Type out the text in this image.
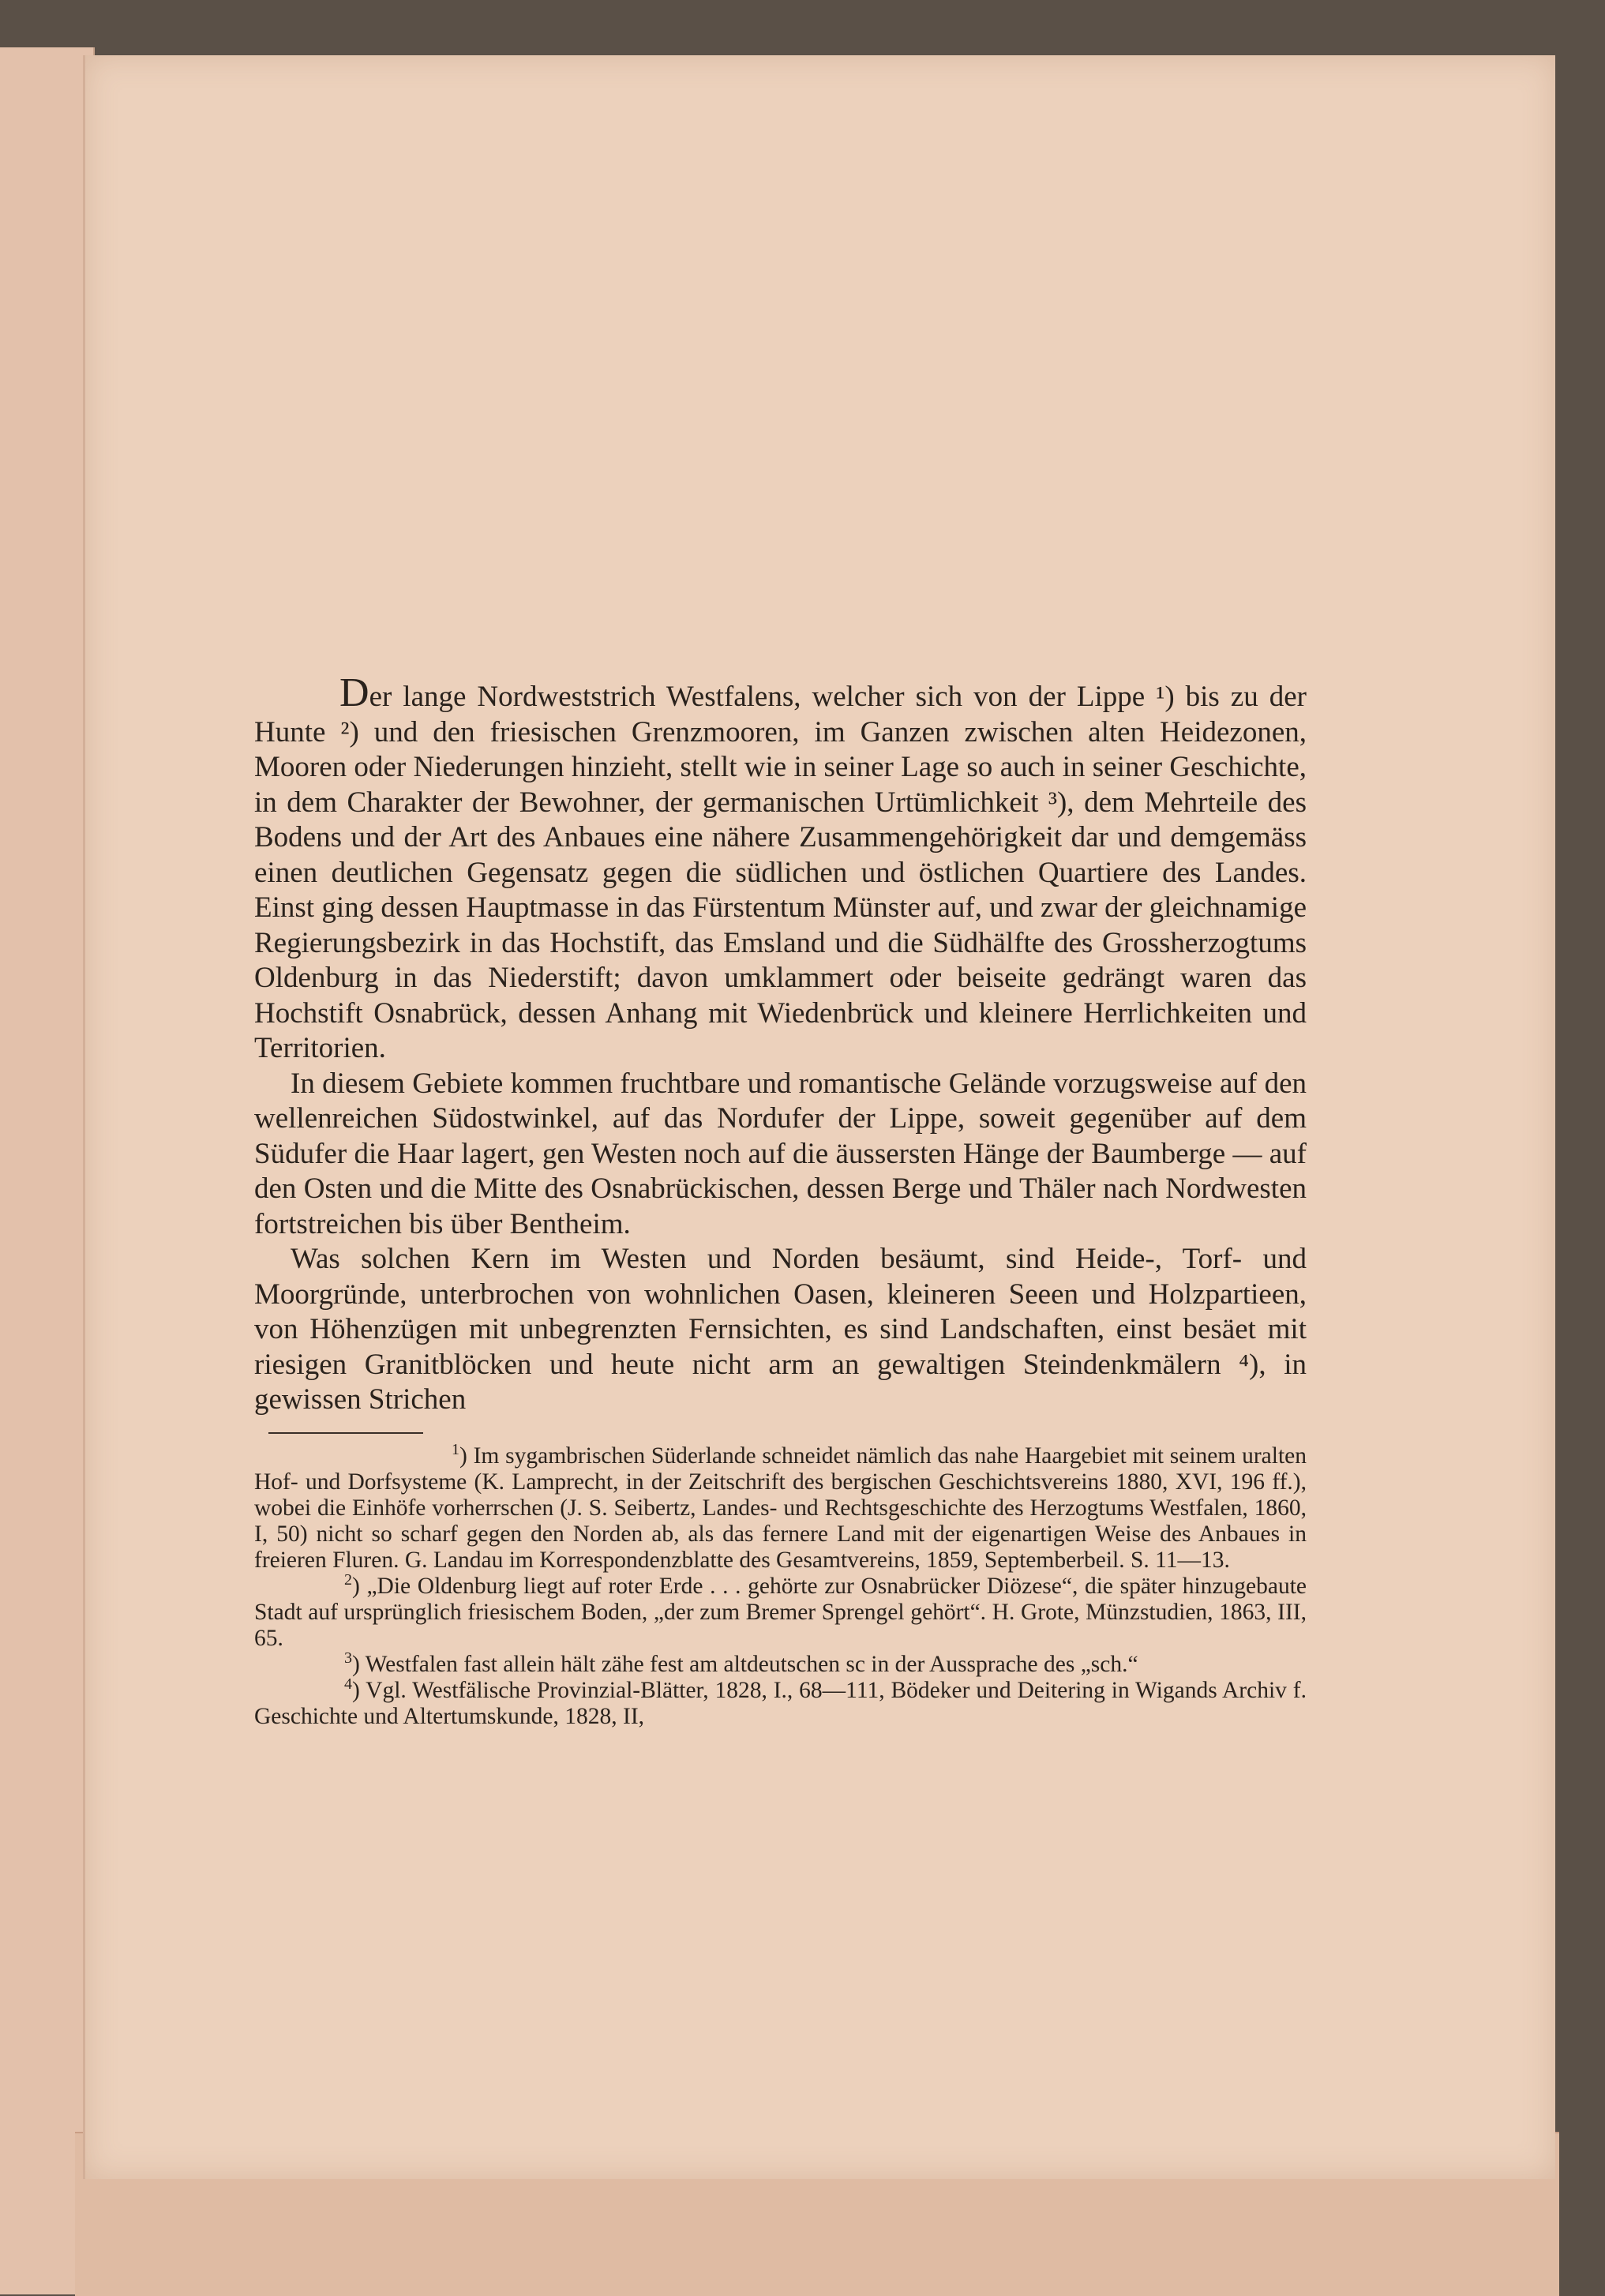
Der lange Nordweststrich Westfalens, welcher sich von der Lippe ¹) bis zu der Hunte ²) und den friesischen Grenzmooren, im Ganzen zwischen alten Heidezonen, Mooren oder Niederungen hinzieht, stellt wie in seiner Lage so auch in seiner Geschichte, in dem Charakter der Bewohner, der germanischen Urtümlichkeit ³), dem Mehrteile des Bodens und der Art des Anbaues eine nähere Zusammengehörigkeit dar und demgemäss einen deutlichen Gegensatz gegen die südlichen und östlichen Quartiere des Landes. Einst ging dessen Hauptmasse in das Fürstentum Münster auf, und zwar der gleichnamige Regierungsbezirk in das Hochstift, das Emsland und die Südhälfte des Grossherzogtums Oldenburg in das Niederstift; davon umklammert oder beiseite gedrängt waren das Hochstift Osnabrück, dessen Anhang mit Wiedenbrück und kleinere Herrlichkeiten und Territorien.

In diesem Gebiete kommen fruchtbare und romantische Gelände vorzugsweise auf den wellenreichen Südostwinkel, auf das Nordufer der Lippe, soweit gegenüber auf dem Südufer die Haar lagert, gen Westen noch auf die äussersten Hänge der Baumberge — auf den Osten und die Mitte des Osnabrückischen, dessen Berge und Thäler nach Nordwesten fortstreichen bis über Bentheim.

Was solchen Kern im Westen und Norden besäumt, sind Heide-, Torf- und Moorgründe, unterbrochen von wohnlichen Oasen, kleineren Seeen und Holzpartieen, von Höhenzügen mit unbegrenzten Fernsichten, es sind Landschaften, einst besäet mit riesigen Granitblöcken und heute nicht arm an gewaltigen Steindenkmälern ⁴), in gewissen Strichen

$^1$) Im sygambrischen Süderlande schneidet nämlich das nahe Haargebiet mit seinem uralten Hof- und Dorfsysteme (K. Lamprecht, in der Zeitschrift des bergischen Geschichtsvereins 1880, XVI, 196 ff.), wobei die Einhöfe vorherrschen (J. S. Seibertz, Landes- und Rechtsgeschichte des Herzogtums Westfalen, 1860, I, 50) nicht so scharf gegen den Norden ab, als das fernere Land mit der eigenartigen Weise des Anbaues in freieren Fluren. G. Landau im Korrespondenzblatte des Gesamtvereins, 1859, Septemberbeil. S. 11—13.

$^2$) „Die Oldenburg liegt auf roter Erde . . . gehörte zur Osnabrücker Diözese“, die später hinzugebaute Stadt auf ursprünglich friesischem Boden, „der zum Bremer Sprengel gehört“. H. Grote, Münzstudien, 1863, III, 65.

$^3$) Westfalen fast allein hält zähe fest am altdeutschen sc in der Aussprache des „sch.“

$^4$) Vgl. Westfälische Provinzial-Blätter, 1828, I., 68—111, Bödeker und Deitering in Wigands Archiv f. Geschichte und Altertumskunde, 1828, II,
